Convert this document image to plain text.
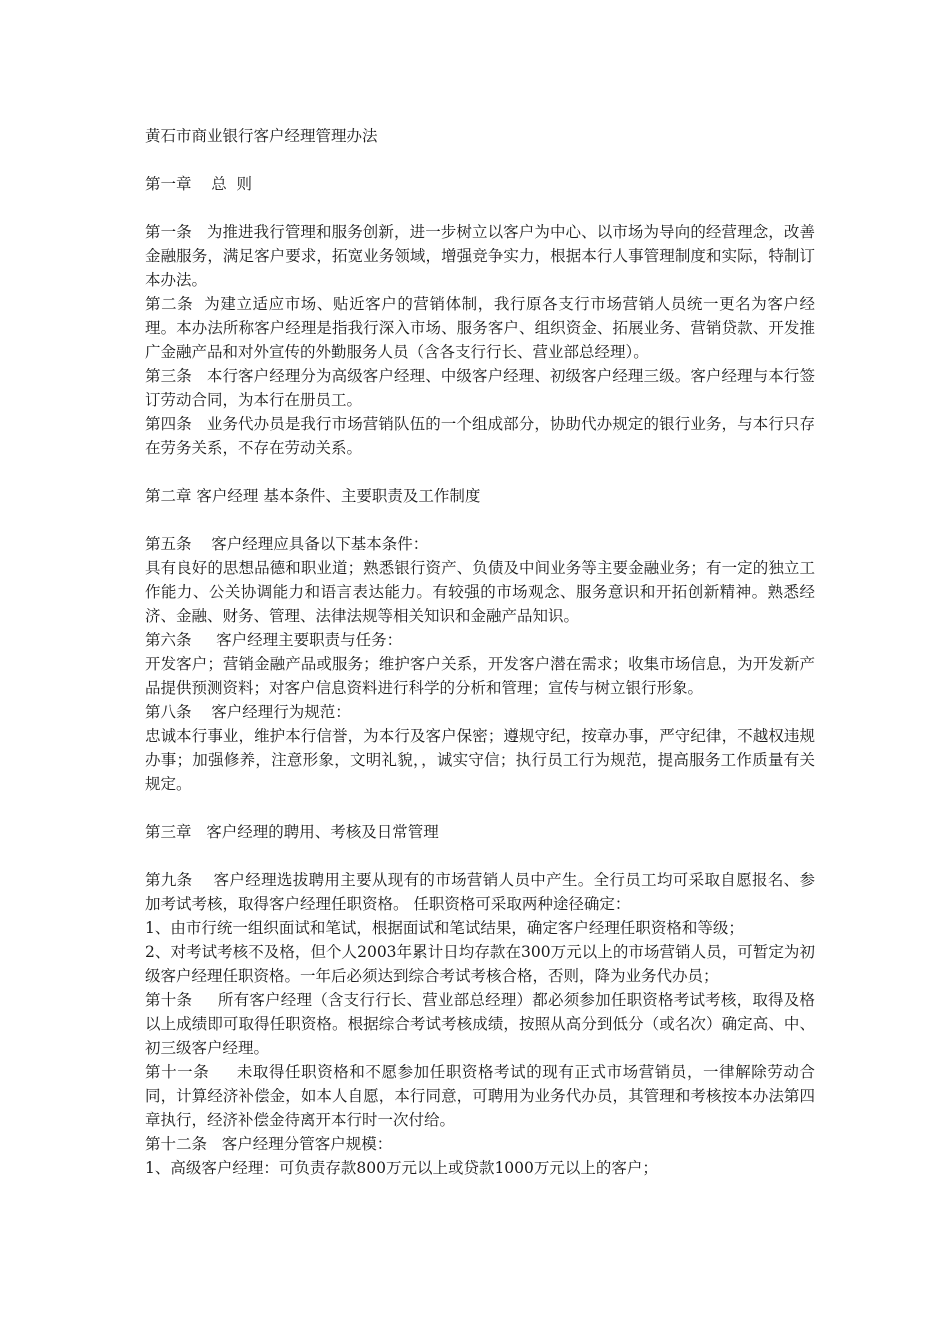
黄石市商业银行客户经理管理办法

第一章    总  则

第一条   为推进我行管理和服务创新，进一步树立以客户为中心、以市场为导向的经营理念，改善金融服务，满足客户要求，拓宽业务领域，增强竞争实力，根据本行人事管理制度和实际，特制订本办法。

第二条  为建立适应市场、贴近客户的营销体制，我行原各支行市场营销人员统一更名为客户经理。本办法所称客户经理是指我行深入市场、服务客户、组织资金、拓展业务、营销贷款、开发推广金融产品和对外宣传的外勤服务人员（含各支行行长、营业部总经理）。

第三条   本行客户经理分为高级客户经理、中级客户经理、初级客户经理三级。客户经理与本行签订劳动合同，为本行在册员工。

第四条   业务代办员是我行市场营销队伍的一个组成部分，协助代办规定的银行业务，与本行只存在劳务关系，不存在劳动关系。

第二章 客户经理 基本条件、主要职责及工作制度

第五条    客户经理应具备以下基本条件：

具有良好的思想品德和职业道；熟悉银行资产、负债及中间业务等主要金融业务；有一定的独立工作能力、公关协调能力和语言表达能力。有较强的市场观念、服务意识和开拓创新精神。熟悉经济、金融、财务、管理、法律法规等相关知识和金融产品知识。

第六条     客户经理主要职责与任务：

开发客户；营销金融产品或服务；维护客户关系，开发客户潜在需求；收集市场信息，为开发新产品提供预测资料；对客户信息资料进行科学的分析和管理；宣传与树立银行形象。

第八条    客户经理行为规范：

忠诚本行事业，维护本行信誉，为本行及客户保密；遵规守纪，按章办事，严守纪律，不越权违规办事；加强修养，注意形象，文明礼貌，，诚实守信；执行员工行为规范，提高服务工作质量有关规定。

第三章   客户经理的聘用、考核及日常管理

第九条    客户经理选拔聘用主要从现有的市场营销人员中产生。全行员工均可采取自愿报名、参加考试考核，取得客户经理任职资格。 任职资格可采取两种途径确定：

1、由市行统一组织面试和笔试，根据面试和笔试结果，确定客户经理任职资格和等级；

2、对考试考核不及格，但个人2003年累计日均存款在300万元以上的市场营销人员，可暂定为初级客户经理任职资格。一年后必须达到综合考试考核合格，否则，降为业务代办员；

第十条     所有客户经理（含支行行长、营业部总经理）都必须参加任职资格考试考核，取得及格以上成绩即可取得任职资格。根据综合考试考核成绩，按照从高分到低分（或名次）确定高、中、初三级客户经理。

第十一条     未取得任职资格和不愿参加任职资格考试的现有正式市场营销员，一律解除劳动合同，计算经济补偿金，如本人自愿，本行同意，可聘用为业务代办员，其管理和考核按本办法第四章执行，经济补偿金待离开本行时一次付给。

第十二条   客户经理分管客户规模：

1、高级客户经理：可负责存款800万元以上或贷款1000万元以上的客户；
